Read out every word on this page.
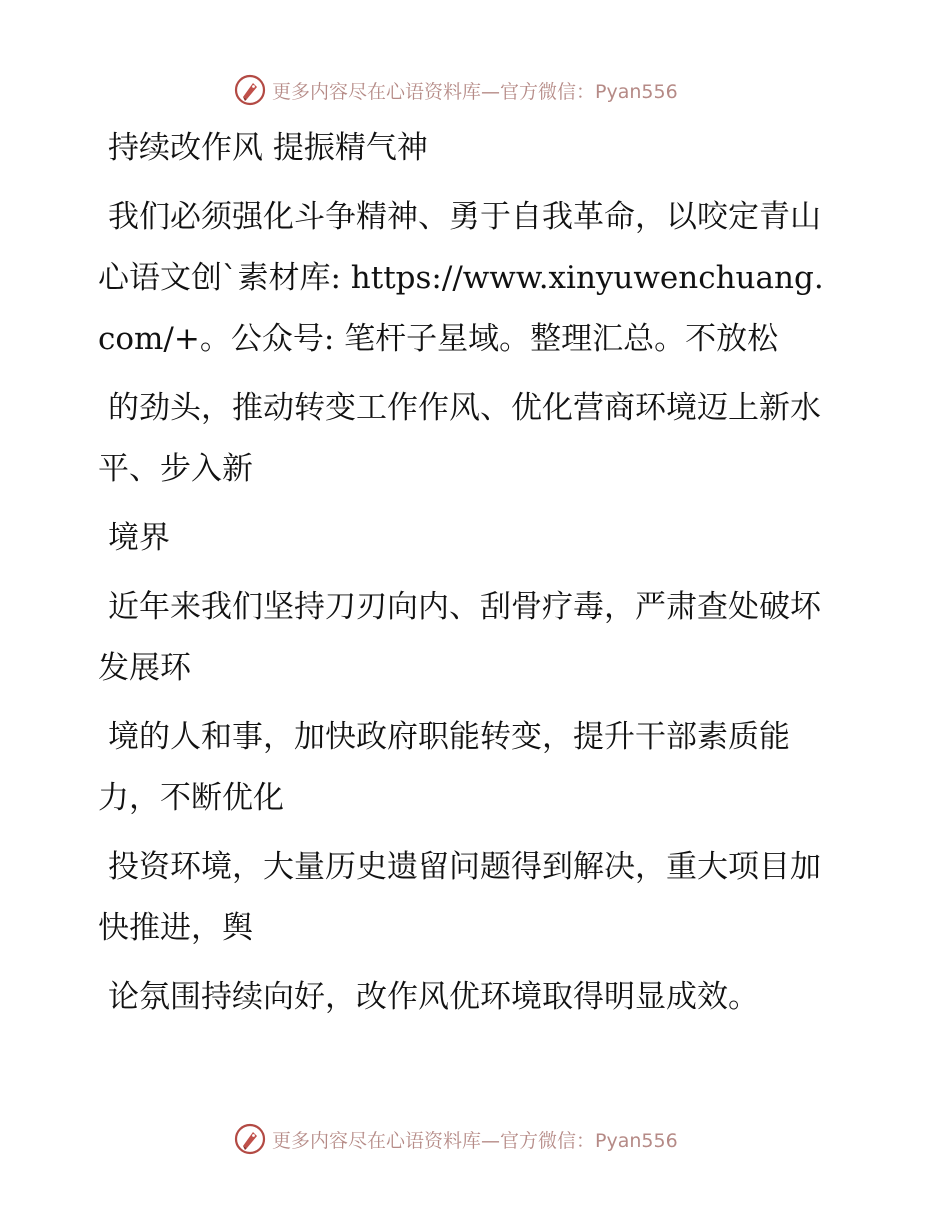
更多内容尽在心语资料库—官方微信：Pyan556

持续改作风 提振精气神

我们必须强化斗争精神、勇于自我革命，以咬定青山心语文创`素材库: https://www.xinyuwenchuang.com/+。公众号: 笔杆子星域。整理汇总。不放松

的劲头，推动转变工作作风、优化营商环境迈上新水平、步入新

境界

近年来我们坚持刀刃向内、刮骨疗毒，严肃查处破坏发展环

境的人和事，加快政府职能转变，提升干部素质能力，不断优化

投资环境，大量历史遗留问题得到解决，重大项目加快推进，舆

论氛围持续向好，改作风优环境取得明显成效。

更多内容尽在心语资料库—官方微信：Pyan556
